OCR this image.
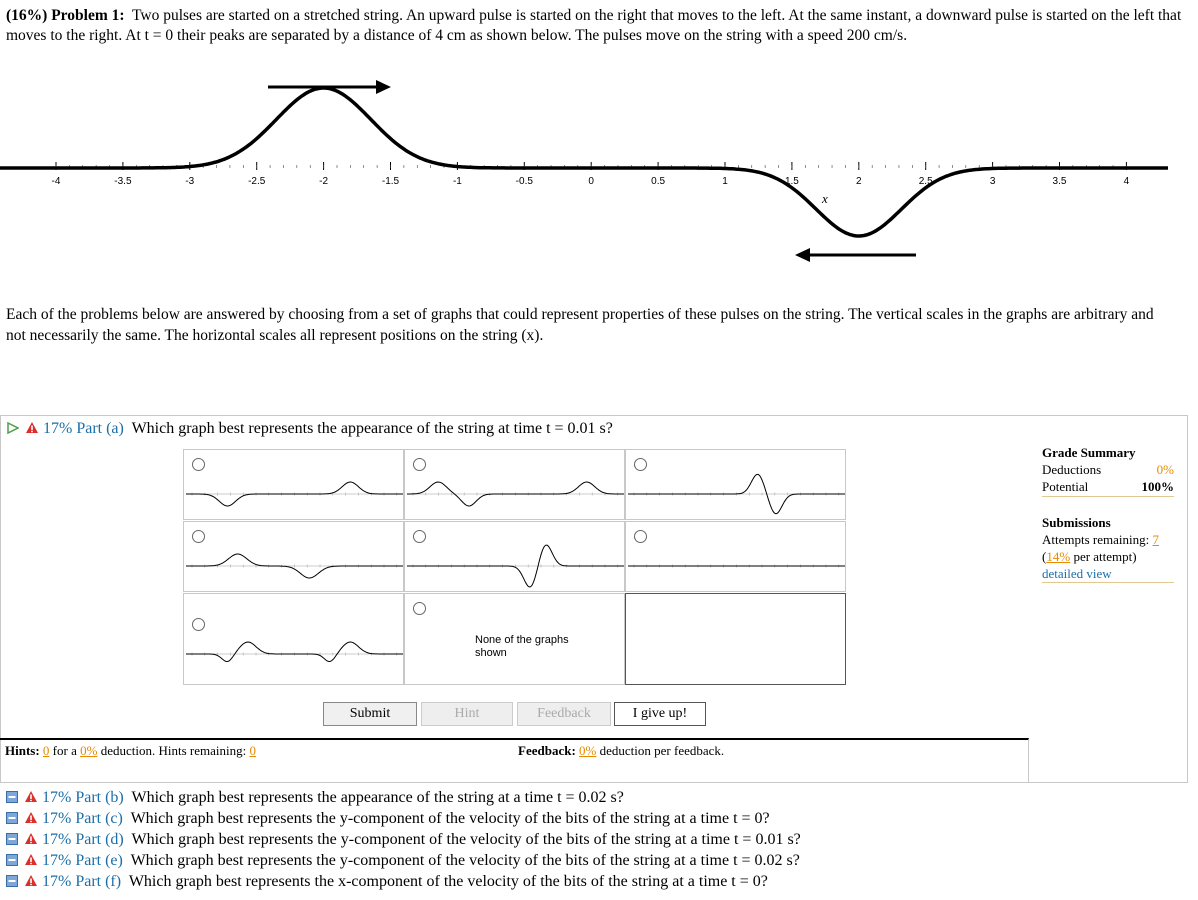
(16%) Problem 1: Two pulses are started on a stretched string. An upward pulse is started on the right that moves to the left. At the same instant, a downward pulse is started on the left that moves to the right. At t = 0 their peaks are separated by a distance of 4 cm as shown below. The pulses move on the string with a speed 200 cm/s.
-4	-3.5	-3	-2.5	-2	-1.5	-1	-0.5	0	0.5	1	1.5	2	2.5	3	3.5	4
x
Each of the problems below are answered by choosing from a set of graphs that could represent properties of these pulses on the string. The vertical scales in the graphs are arbitrary and not necessarily the same. The horizontal scales all represent positions on the string (x).
17% Part (a) Which graph best represents the appearance of the string at time t = 0.01 s?
None of the graphs shown
Submit	Hint	Feedback	I give up!
Hints: 0 for a 0% deduction. Hints remaining: 0	Feedback: 0% deduction per feedback.
Grade Summary
Deductions	0%
Potential	100%
Submissions
Attempts remaining: 7
(14% per attempt)
detailed view
17% Part (b) Which graph best represents the appearance of the string at a time t = 0.02 s?
17% Part (c) Which graph best represents the y-component of the velocity of the bits of the string at a time t = 0?
17% Part (d) Which graph best represents the y-component of the velocity of the bits of the string at a time t = 0.01 s?
17% Part (e) Which graph best represents the y-component of the velocity of the bits of the string at a time t = 0.02 s?
17% Part (f) Which graph best represents the x-component of the velocity of the bits of the string at a time t = 0?
